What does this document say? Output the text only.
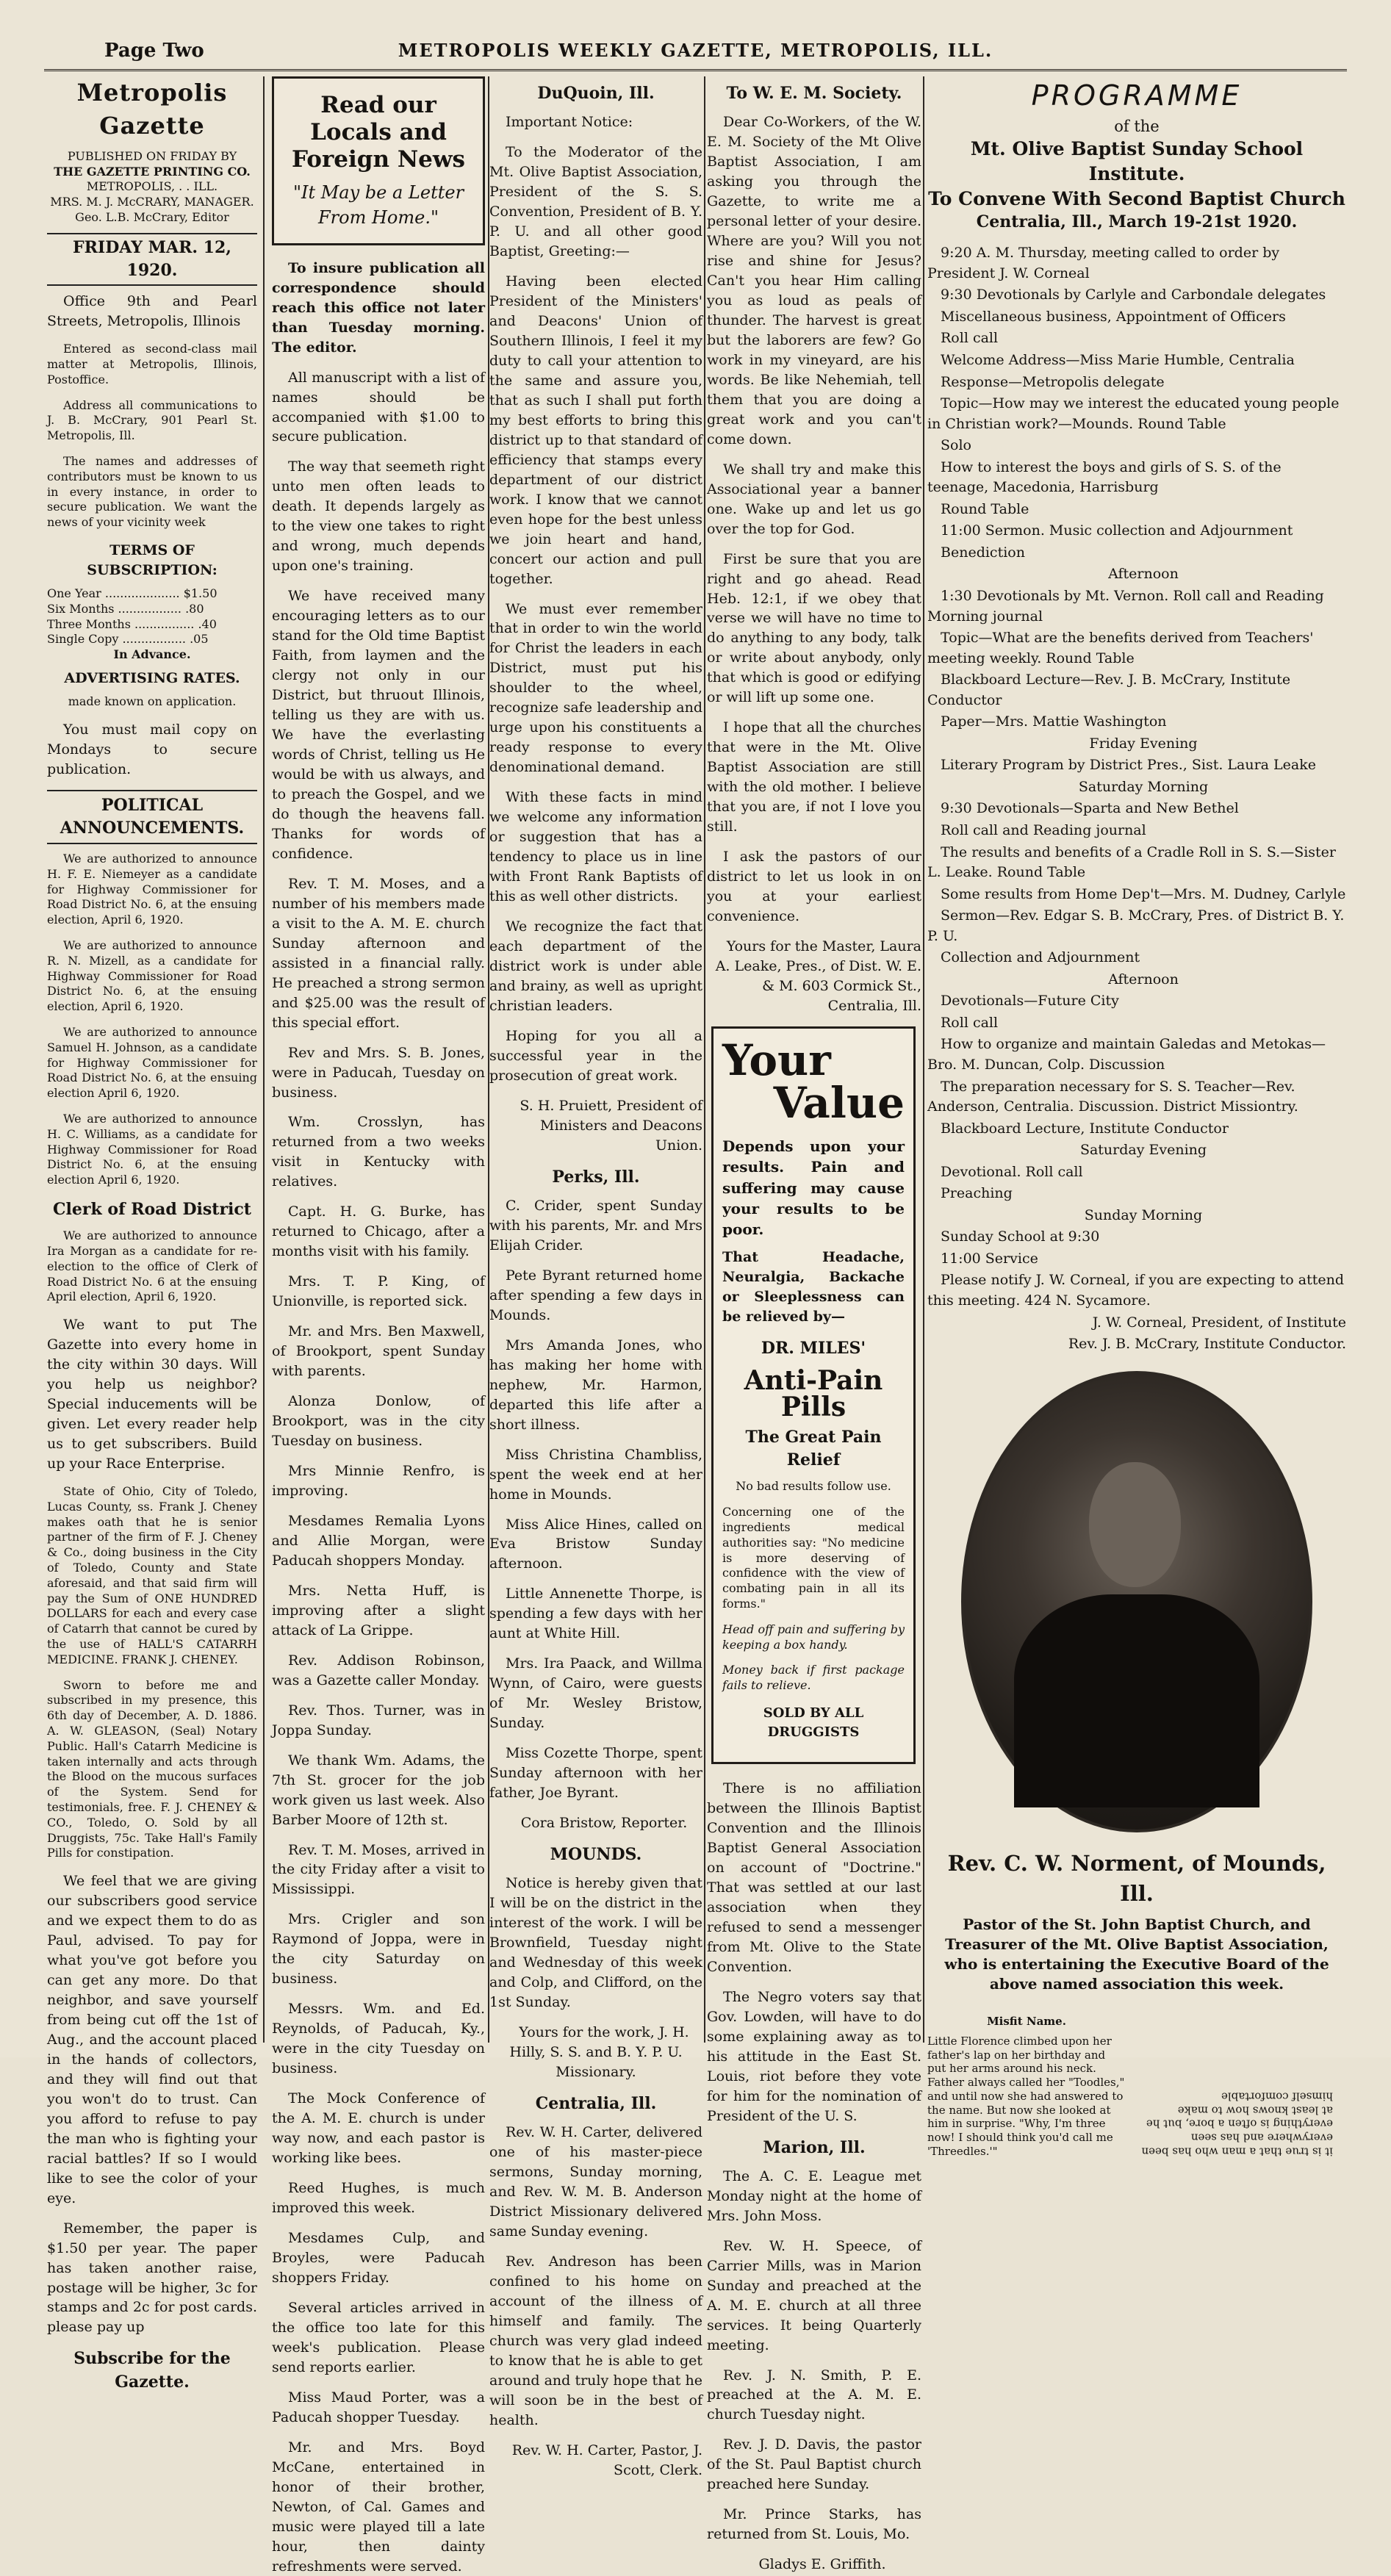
Page Two	METROPOLIS WEEKLY GAZETTE, METROPOLIS, ILL.
Metropolis Gazette
PUBLISHED ON FRIDAY BY
THE GAZETTE PRINTING CO.
METROPOLIS, . . ILL.
MRS. M. J. McCRARY, MANAGER.
Geo. L.B. McCrary, Editor
FRIDAY MAR. 12, 1920.

Office 9th and Pearl Streets, Metropolis, Illinois

Entered as second-class mail matter at Metropolis, Illinois, Postoffice.

Address all communications to J. B. McCrary, 901 Pearl St. Metropolis, Ill.

The names and addresses of contributors must be known to us in every instance, in order to secure publication. We want the news of your vicinity week

TERMS OF SUBSCRIPTION:
One Year .................... $1.50
Six Months ................. .80
Three Months ................ .40
Single Copy ................. .05
In Advance.
ADVERTISING RATES.
made known on application.

You must mail copy on Mondays to secure publication.

POLITICAL ANNOUNCEMENTS.

We are authorized to announce H. F. E. Niemeyer as a candidate for Highway Commissioner for Road District No. 6, at the ensuing election, April 6, 1920.

We are authorized to announce R. N. Mizell, as a candidate for Highway Commissioner for Road District No. 6, at the ensuing election, April 6, 1920.

We are authorized to announce Samuel H. Johnson, as a candidate for Highway Commissioner for Road District No. 6, at the ensuing election April 6, 1920.

We are authorized to announce H. C. Williams, as a candidate for Highway Commissioner for Road District No. 6, at the ensuing election April 6, 1920.

Clerk of Road District

We are authorized to announce Ira Morgan as a candidate for re-election to the office of Clerk of Road District No. 6 at the ensuing April election, April 6, 1920.

We want to put The Gazette into every home in the city within 30 days. Will you help us neighbor? Special inducements will be given. Let every reader help us to get subscribers. Build up your Race Enterprise.

State of Ohio, City of Toledo, Lucas County, ss. Frank J. Cheney makes oath that he is senior partner of the firm of F. J. Cheney & Co., doing business in the City of Toledo, County and State aforesaid, and that said firm will pay the Sum of ONE HUNDRED DOLLARS for each and every case of Catarrh that cannot be cured by the use of HALL'S CATARRH MEDICINE. FRANK J. CHENEY.

Sworn to before me and subscribed in my presence, this 6th day of December, A. D. 1886. A. W. GLEASON, (Seal) Notary Public. Hall's Catarrh Medicine is taken internally and acts through the Blood on the mucous surfaces of the System. Send for testimonials, free. F. J. CHENEY & CO., Toledo, O. Sold by all Druggists, 75c. Take Hall's Family Pills for constipation.

We feel that we are giving our subscribers good service and we expect them to do as Paul, advised. To pay for what you've got before you can get any more. Do that neighbor, and save yourself from being cut off the 1st of Aug., and the account placed in the hands of collectors, and they will find out that you won't do to trust. Can you afford to refuse to pay the man who is fighting your racial battles? If so I would like to see the color of your eye.

Remember, the paper is $1.50 per year. The paper has taken another raise, postage will be higher, 3c for stamps and 2c for post cards. please pay up

Subscribe for the Gazette.
Read our Locals and Foreign News
"It May be a Letter From Home."

To insure publication all correspondence should reach this office not later than Tuesday morning. The editor.

All manuscript with a list of names should be accompanied with $1.00 to secure publication.

The way that seemeth right unto men often leads to death. It depends largely as to the view one takes to right and wrong, much depends upon one's training.

We have received many encouraging letters as to our stand for the Old time Baptist Faith, from laymen and the clergy not only in our District, but thruout Illinois, telling us they are with us. We have the everlasting words of Christ, telling us He would be with us always, and to preach the Gospel, and we do though the heavens fall. Thanks for words of confidence.

Rev. T. M. Moses, and a number of his members made a visit to the A. M. E. church Sunday afternoon and assisted in a financial rally. He preached a strong sermon and $25.00 was the result of this special effort.

Rev and Mrs. S. B. Jones, were in Paducah, Tuesday on business.

Wm. Crosslyn, has returned from a two weeks visit in Kentucky with relatives.

Capt. H. G. Burke, has returned to Chicago, after a months visit with his family.

Mrs. T. P. King, of Unionville, is reported sick.

Mr. and Mrs. Ben Maxwell, of Brookport, spent Sunday with parents.

Alonza Donlow, of Brookport, was in the city Tuesday on business.

Mrs Minnie Renfro, is improving.

Mesdames Remalia Lyons and Allie Morgan, were Paducah shoppers Monday.

Mrs. Netta Huff, is improving after a slight attack of La Grippe.

Rev. Addison Robinson, was a Gazette caller Monday.

Rev. Thos. Turner, was in Joppa Sunday.

We thank Wm. Adams, the 7th St. grocer for the job work given us last week. Also Barber Moore of 12th st.

Rev. T. M. Moses, arrived in the city Friday after a visit to Mississippi.

Mrs. Crigler and son Raymond of Joppa, were in the city Saturday on business.

Messrs. Wm. and Ed. Reynolds, of Paducah, Ky., were in the city Tuesday on business.

The Mock Conference of the A. M. E. church is under way now, and each pastor is working like bees.

Reed Hughes, is much improved this week.

Mesdames Culp, and Broyles, were Paducah shoppers Friday.

Several articles arrived in the office too late for this week's publication. Please send reports earlier.

Miss Maud Porter, was a Paducah shopper Tuesday.

Mr. and Mrs. Boyd McCane, entertained in honor of their brother, Newton, of Cal. Games and music were played till a late hour, then dainty refreshments were served.

DuQuoin, Ill.

Important Notice:

To the Moderator of the Mt. Olive Baptist Association, President of the S. S. Convention, President of B. Y. P. U. and all other good Baptist, Greeting:—

Having been elected President of the Ministers' and Deacons' Union of Southern Illinois, I feel it my duty to call your attention to the same and assure you, that as such I shall put forth my best efforts to bring this district up to that standard of efficiency that stamps every department of our district work. I know that we cannot even hope for the best unless we join heart and hand, concert our action and pull together.

We must ever remember that in order to win the world for Christ the leaders in each District, must put his shoulder to the wheel, recognize safe leadership and urge upon his constituents a ready response to every denominational demand.

With these facts in mind we welcome any information or suggestion that has a tendency to place us in line with Front Rank Baptists of this as well other districts.

We recognize the fact that each department of the district work is under able and brainy, as well as upright christian leaders.

Hoping for you all a successful year in the prosecution of great work.

S. H. Pruiett, President of Ministers and Deacons Union.

Perks, Ill.

C. Crider, spent Sunday with his parents, Mr. and Mrs Elijah Crider.

Pete Byrant returned home after spending a few days in Mounds.

Mrs Amanda Jones, who has making her home with nephew, Mr. Harmon, departed this life after a short illness.

Miss Christina Chambliss, spent the week end at her home in Mounds.

Miss Alice Hines, called on Eva Bristow Sunday afternoon.

Little Annenette Thorpe, is spending a few days with her aunt at White Hill.

Mrs. Ira Paack, and Willma Wynn, of Cairo, were guests of Mr. Wesley Bristow, Sunday.

Miss Cozette Thorpe, spent Sunday afternoon with her father, Joe Byrant.

Cora Bristow, Reporter.

MOUNDS.

Notice is hereby given that I will be on the district in the interest of the work. I will be Brownfield, Tuesday night and Wednesday of this week and Colp, and Clifford, on the 1st Sunday.

Yours for the work, J. H. Hilly, S. S. and B. Y. P. U. Missionary.

Centralia, Ill.

Rev. W. H. Carter, delivered one of his master-piece sermons, Sunday morning, and Rev. W. M. B. Anderson District Missionary delivered same Sunday evening.

Rev. Andreson has been confined to his home on account of the illness of himself and family. The church was very glad indeed to know that he is able to get around and truly hope that he will soon be in the best of health.

Rev. W. H. Carter, Pastor, J. Scott, Clerk.

To W. E. M. Society.

Dear Co-Workers, of the W. E. M. Society of the Mt Olive Baptist Association, I am asking you through the Gazette, to write me a personal letter of your desire. Where are you? Will you not rise and shine for Jesus? Can't you hear Him calling you as loud as peals of thunder. The harvest is great but the laborers are few? Go work in my vineyard, are his words. Be like Nehemiah, tell them that you are doing a great work and you can't come down.

We shall try and make this Associational year a banner one. Wake up and let us go over the top for God.

First be sure that you are right and go ahead. Read Heb. 12:1, if we obey that verse we will have no time to do anything to any body, talk or write about anybody, only that which is good or edifying or will lift up some one.

I hope that all the churches that were in the Mt. Olive Baptist Association are still with the old mother. I believe that you are, if not I love you still.

I ask the pastors of our district to let us look in on you at your earliest convenience.

Yours for the Master, Laura A. Leake, Pres., of Dist. W. E. & M. 603 Cormick St., Centralia, Ill.

Your
Value

Depends upon your results. Pain and suffering may cause your results to be poor.

That Headache, Neuralgia, Backache or Sleeplessness can be relieved by—

DR. MILES'
Anti-Pain Pills
The Great Pain Relief

No bad results follow use.

Concerning one of the ingredients medical authorities say: "No medicine is more deserving of confidence with the view of combating pain in all its forms."

Head off pain and suffering by keeping a box handy.

Money back if first package fails to relieve.

SOLD BY ALL DRUGGISTS

There is no affiliation between the Illinois Baptist Convention and the Illinois Baptist General Association on account of "Doctrine." That was settled at our last association when they refused to send a messenger from Mt. Olive to the State Convention.

The Negro voters say that Gov. Lowden, will have to do some explaining away as to his attitude in the East St. Louis, riot before they vote for him for the nomination of President of the U. S.

Marion, Ill.

The A. C. E. League met Monday night at the home of Mrs. John Moss.

Rev. W. H. Speece, of Carrier Mills, was in Marion Sunday and preached at the A. M. E. church at all three services. It being Quarterly meeting.

Rev. J. N. Smith, P. E. preached at the A. M. E. church Tuesday night.

Rev. J. D. Davis, the pastor of the St. Paul Baptist church preached here Sunday.

Mr. Prince Starks, has returned from St. Louis, Mo.

Gladys E. Griffith.

PROGRAMME
of the
Mt. Olive Baptist Sunday School Institute.
To Convene With Second Baptist Church
Centralia, Ill., March 19-21st 1920.
9:20 A. M. Thursday, meeting called to order by President J. W. Corneal
9:30 Devotionals by Carlyle and Carbondale delegates
Miscellaneous business, Appointment of Officers
Roll call
Welcome Address—Miss Marie Humble, Centralia
Response—Metropolis delegate
Topic—How may we interest the educated young people in Christian work?—Mounds. Round Table
Solo
How to interest the boys and girls of S. S. of the teenage, Macedonia, Harrisburg
Round Table
11:00 Sermon. Music collection and Adjournment
Benediction
Afternoon
1:30 Devotionals by Mt. Vernon. Roll call and Reading Morning journal
Topic—What are the benefits derived from Teachers' meeting weekly. Round Table
Blackboard Lecture—Rev. J. B. McCrary, Institute Conductor
Paper—Mrs. Mattie Washington
Friday Evening
Literary Program by District Pres., Sist. Laura Leake
Saturday Morning
9:30 Devotionals—Sparta and New Bethel
Roll call and Reading journal
The results and benefits of a Cradle Roll in S. S.—Sister L. Leake. Round Table
Some results from Home Dep't—Mrs. M. Dudney, Carlyle
Sermon—Rev. Edgar S. B. McCrary, Pres. of District B. Y. P. U.
Collection and Adjournment
Afternoon
Devotionals—Future City
Roll call
How to organize and maintain Galedas and Metokas—Bro. M. Duncan, Colp. Discussion
The preparation necessary for S. S. Teacher—Rev. Anderson, Centralia. Discussion. District Missiontry.
Blackboard Lecture, Institute Conductor
Saturday Evening
Devotional. Roll call
Preaching
Sunday Morning
Sunday School at 9:30
11:00 Service
Please notify J. W. Corneal, if you are expecting to attend this meeting. 424 N. Sycamore.
J. W. Corneal, President, of Institute
Rev. J. B. McCrary, Institute Conductor.
Rev. C. W. Norment, of Mounds, Ill.
Pastor of the St. John Baptist Church, and Treasurer of the Mt. Olive Baptist Association, who is entertaining the Executive Board of the above named association this week.
Misfit Name.
Little Florence climbed upon her father's lap on her birthday and put her arms around his neck. Father always called her "Toodles," and until now she had answered to the name. But now she looked at him in surprise. "Why, I'm three now! I should think you'd call me 'Threedles.'"	it is true that a man who has been everywhere and has seen everything is often a bore, but he at least knows how to make himself comfortable
